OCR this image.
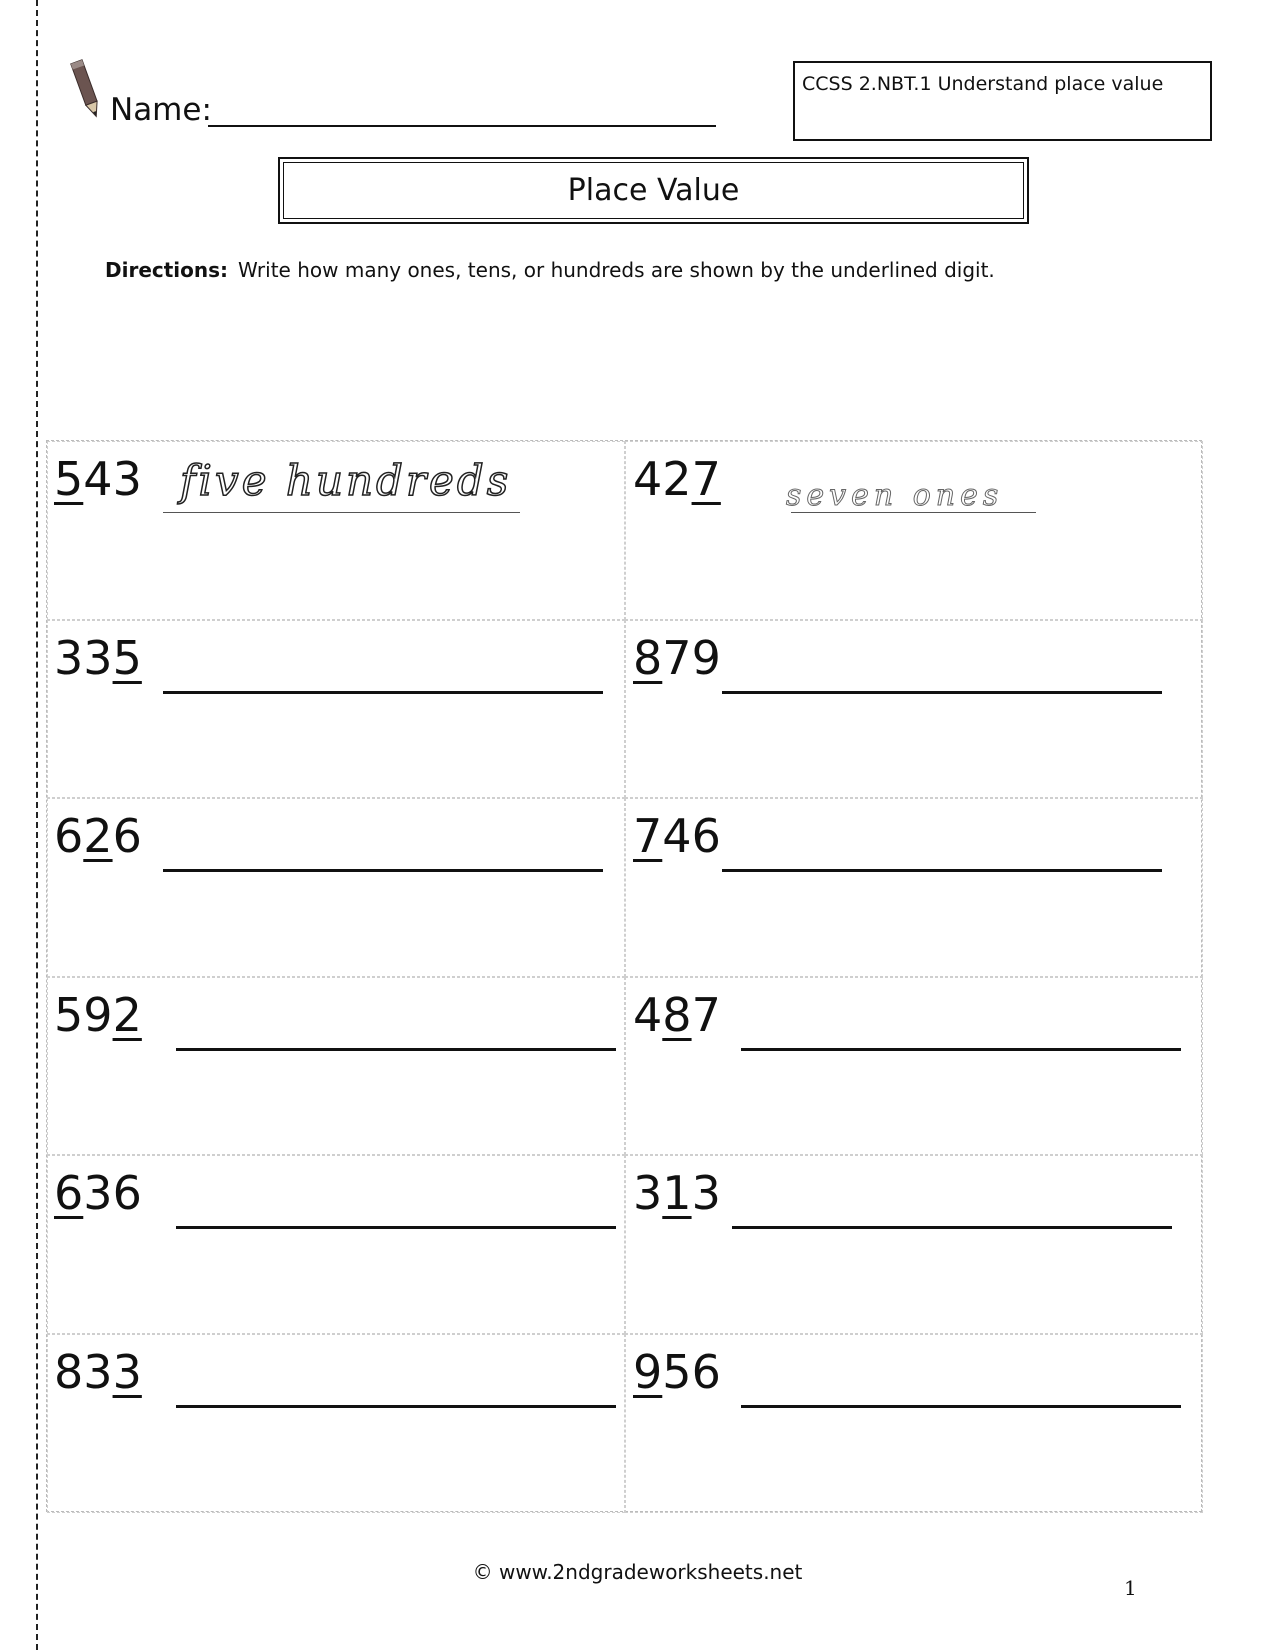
Name:
CCSS 2.NBT.1 Understand place value
Place Value
Directions: Write how many ones, tens, or hundreds are shown by the underlined digit.
543 five hundreds	427 seven ones
335	879
626	746
592	487
636	313
833	956
© www.2ndgradeworksheets.net
1
